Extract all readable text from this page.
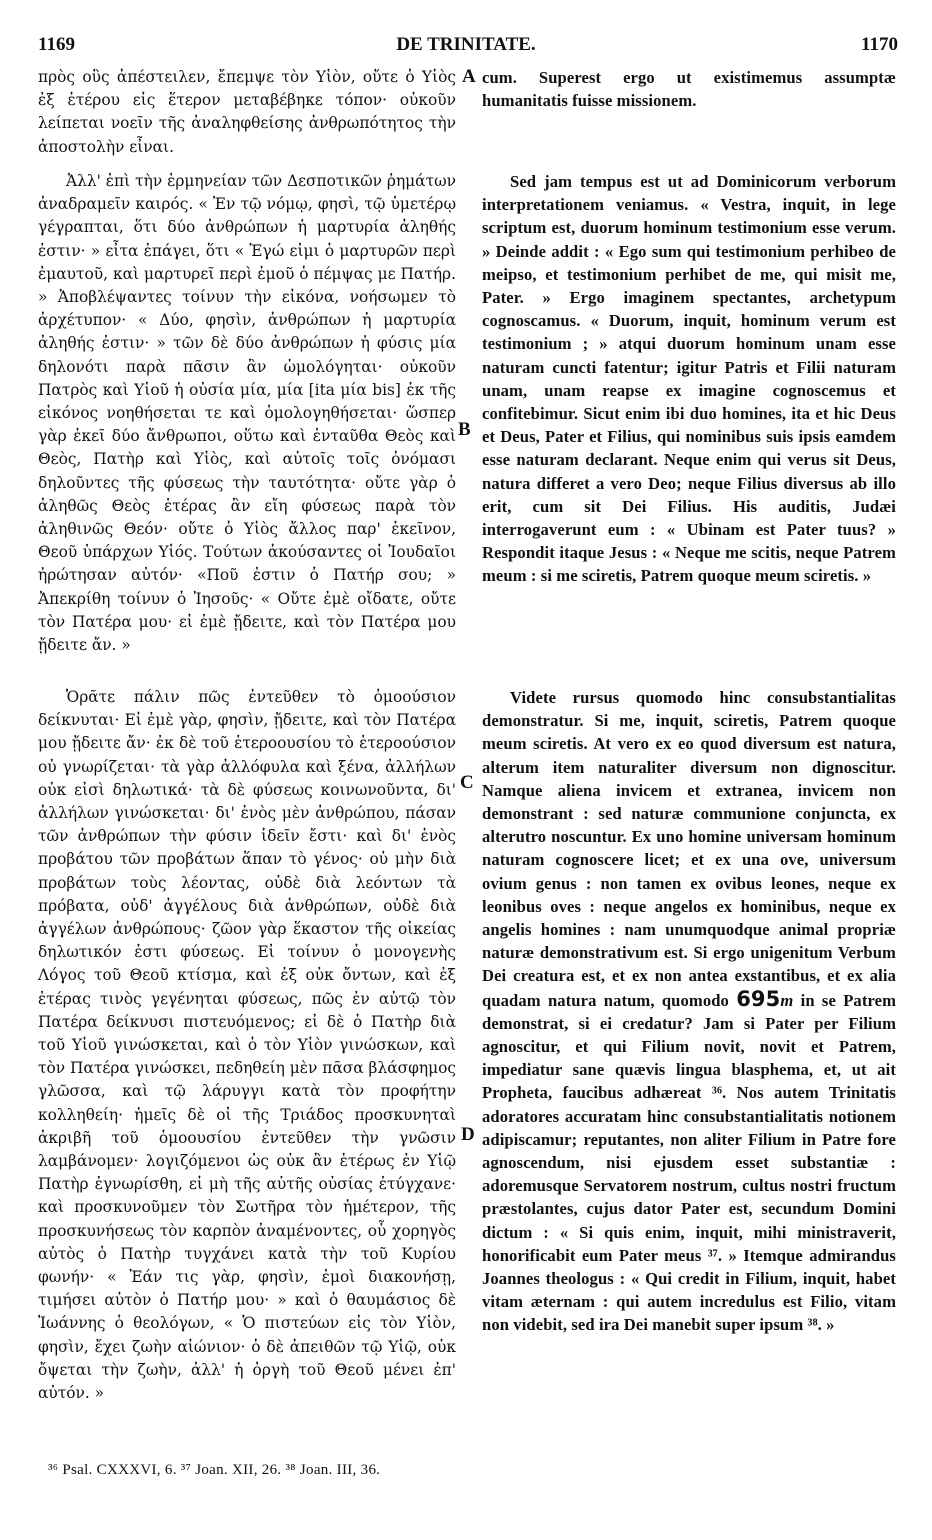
1169	DE TRINITATE.	1170

πρὸς οὓς ἀπέστειλεν, ἔπεμψε τὸν Υἱὸν, οὔτε ὁ Υἱὸς ἐξ ἑτέρου εἰς ἕτερον μεταβέβηκε τόπον· οὐκοῦν λείπεται νοεῖν τῆς ἀναληφθείσης ἀνθρωπότητος τὴν ἀποστολὴν εἶναι.

Ἀλλ' ἐπὶ τὴν ἑρμηνείαν τῶν Δεσποτικῶν ῥημάτων ἀναδραμεῖν καιρός. « Ἐν τῷ νόμῳ, φησὶ, τῷ ὑμετέρῳ γέγραπται, ὅτι δύο ἀνθρώπων ἡ μαρτυρία ἀληθής ἐστιν· » εἶτα ἐπάγει, ὅτι « Ἐγώ εἰμι ὁ μαρτυρῶν περὶ ἐμαυτοῦ, καὶ μαρτυρεῖ περὶ ἐμοῦ ὁ πέμψας με Πατήρ. » Ἀποβλέψαντες τοίνυν τὴν εἰκόνα, νοήσωμεν τὸ ἀρχέτυπον· « Δύο, φησὶν, ἀνθρώπων ἡ μαρτυρία ἀληθής ἐστιν· » τῶν δὲ δύο ἀνθρώπων ἡ φύσις μία δηλονότι παρὰ πᾶσιν ἂν ὡμολόγηται· οὐκοῦν Πατρὸς καὶ Υἱοῦ ἡ οὐσία μία, μία [ita μία bis] ἐκ τῆς εἰκόνος νοηθήσεται τε καὶ ὁμολογηθήσεται· ὥσπερ γὰρ ἐκεῖ δύο ἄνθρωποι, οὕτω καὶ ἐνταῦθα Θεὸς καὶ Θεὸς, Πατὴρ καὶ Υἱὸς, καὶ αὐτοῖς τοῖς ὀνόμασι δηλοῦντες τῆς φύσεως τὴν ταυτότητα· οὔτε γὰρ ὁ ἀληθῶς Θεὸς ἑτέρας ἂν εἴη φύσεως παρὰ τὸν ἀληθινῶς Θεόν· οὔτε ὁ Υἱὸς ἄλλος παρ' ἐκεῖνον, Θεοῦ ὑπάρχων Υἱός. Τούτων ἀκούσαντες οἱ Ἰουδαῖοι ἠρώτησαν αὐτόν· «Ποῦ ἐστιν ὁ Πατήρ σου; » Ἀπεκρίθη τοίνυν ὁ Ἰησοῦς· « Οὔτε ἐμὲ οἴδατε, οὔτε τὸν Πατέρα μου· εἰ ἐμὲ ᾔδειτε, καὶ τὸν Πατέρα μου ᾔδειτε ἄν. »

Ὁρᾶτε πάλιν πῶς ἐντεῦθεν τὸ ὁμοούσιον δείκνυται· Εἰ ἐμὲ γὰρ, φησὶν, ᾔδειτε, καὶ τὸν Πατέρα μου ᾔδειτε ἄν· ἐκ δὲ τοῦ ἑτεροουσίου τὸ ἑτεροούσιον οὐ γνωρίζεται· τὰ γὰρ ἀλλόφυλα καὶ ξένα, ἀλλήλων οὐκ εἰσὶ δηλωτικά· τὰ δὲ φύσεως κοινωνοῦντα, δι' ἀλλήλων γινώσκεται· δι' ἑνὸς μὲν ἀνθρώπου, πάσαν τῶν ἀνθρώπων τὴν φύσιν ἰδεῖν ἔστι· καὶ δι' ἑνὸς προβάτου τῶν προβάτων ἅπαν τὸ γένος· οὐ μὴν διὰ προβάτων τοὺς λέοντας, οὐδὲ διὰ λεόντων τὰ πρόβατα, οὐδ' ἀγγέλους διὰ ἀνθρώπων, οὐδὲ διὰ ἀγγέλων ἀνθρώπους· ζῶον γὰρ ἕκαστον τῆς οἰκείας δηλωτικόν ἐστι φύσεως. Εἰ τοίνυν ὁ μονογενὴς Λόγος τοῦ Θεοῦ κτίσμα, καὶ ἐξ οὐκ ὄντων, καὶ ἐξ ἑτέρας τινὸς γεγένηται φύσεως, πῶς ἐν αὐτῷ τὸν Πατέρα δείκνυσι πιστευόμενος; εἰ δὲ ὁ Πατὴρ διὰ τοῦ Υἱοῦ γινώσκεται, καὶ ὁ τὸν Υἱὸν γινώσκων, καὶ τὸν Πατέρα γινώσκει, πεδηθείη μὲν πᾶσα βλάσφημος γλῶσσα, καὶ τῷ λάρυγγι κατὰ τὸν προφήτην κολληθείη· ἡμεῖς δὲ οἱ τῆς Τριάδος προσκυνηταὶ ἀκριβῆ τοῦ ὁμοουσίου ἐντεῦθεν τὴν γνῶσιν λαμβάνομεν· λογιζόμενοι ὡς οὐκ ἂν ἑτέρως ἐν Υἱῷ Πατὴρ ἐγνωρίσθη, εἰ μὴ τῆς αὐτῆς οὐσίας ἐτύγχανε· καὶ προσκυνοῦμεν τὸν Σωτῆρα τὸν ἡμέτερον, τῆς προσκυνήσεως τὸν καρπὸν ἀναμένοντες, οὗ χορηγὸς αὐτὸς ὁ Πατὴρ τυγχάνει κατὰ τὴν τοῦ Κυρίου φωνήν· « Ἐάν τις γὰρ, φησὶν, ἐμοὶ διακονήσῃ, τιμήσει αὐτὸν ὁ Πατήρ μου· » καὶ ὁ θαυμάσιος δὲ Ἰωάννης ὁ θεολόγων, « Ὁ πιστεύων εἰς τὸν Υἱὸν, φησὶν, ἔχει ζωὴν αἰώνιον· ὁ δὲ ἀπειθῶν τῷ Υἱῷ, οὐκ ὄψεται τὴν ζωὴν, ἀλλ' ἡ ὀργὴ τοῦ Θεοῦ μένει ἐπ' αὐτόν. »

A
B
C
D

cum. Superest ergo ut existimemus assumptæ humanitatis fuisse missionem.

Sed jam tempus est ut ad Dominicorum verborum interpretationem veniamus. « Vestra, inquit, in lege scriptum est, duorum hominum testimonium esse verum. » Deinde addit : « Ego sum qui testimonium perhibeo de meipso, et testimonium perhibet de me, qui misit me, Pater. » Ergo imaginem spectantes, archetypum cognoscamus. « Duorum, inquit, hominum verum est testimonium ; » atqui duorum hominum unam esse naturam cuncti fatentur; igitur Patris et Filii naturam unam, unam reapse ex imagine cognoscemus et confitebimur. Sicut enim ibi duo homines, ita et hic Deus et Deus, Pater et Filius, qui nominibus suis ipsis eamdem esse naturam declarant. Neque enim qui verus sit Deus, natura differet a vero Deo; neque Filius diversus ab illo erit, cum sit Dei Filius. His auditis, Judæi interrogaverunt eum : « Ubinam est Pater tuus? » Respondit itaque Jesus : « Neque me scitis, neque Patrem meum : si me sciretis, Patrem quoque meum sciretis. »

Videte rursus quomodo hinc consubstantialitas demonstratur. Si me, inquit, sciretis, Patrem quoque meum sciretis. At vero ex eo quod diversum est natura, alterum item naturaliter diversum non dignoscitur. Namque aliena invicem et extranea, invicem non demonstrant : sed naturæ communione conjuncta, ex alterutro noscuntur. Ex uno homine universam hominum naturam cognoscere licet; et ex una ove, universum ovium genus : non tamen ex ovibus leones, neque ex leonibus oves : neque angelos ex hominibus, neque ex angelis homines : nam unumquodque animal propriæ naturæ demonstrativum est. Si ergo unigenitum Verbum Dei creatura est, et ex non antea exstantibus, et ex alia quadam natura natum, quomodo 695m in se Patrem demonstrat, si ei credatur? Jam si Pater per Filium agnoscitur, et qui Filium novit, novit et Patrem, impediatur sane quævis lingua blasphema, et, ut ait Propheta, faucibus adhæreat ³⁶. Nos autem Trinitatis adoratores accuratam hinc consubstantialitatis notionem adipiscamur; reputantes, non aliter Filium in Patre fore agnoscendum, nisi ejusdem esset substantiæ : adoremusque Servatorem nostrum, cultus nostri fructum præstolantes, cujus dator Pater est, secundum Domini dictum : « Si quis enim, inquit, mihi ministraverit, honorificabit eum Pater meus ³⁷. » Itemque admirandus Joannes theologus : « Qui credit in Filium, inquit, habet vitam æternam : qui autem incredulus est Filio, vitam non videbit, sed ira Dei manebit super ipsum ³⁸. »

³⁶ Psal. CXXXVI, 6. ³⁷ Joan. XII, 26. ³⁸ Joan. III, 36.
